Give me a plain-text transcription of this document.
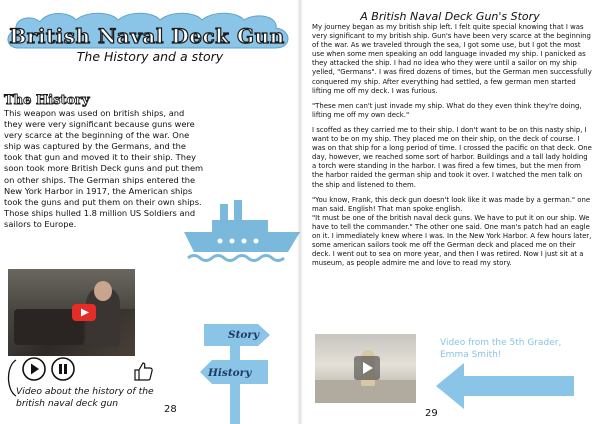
British Naval Deck Gun
The History and a story
The History
This weapon was used on british ships, and they were very significant because guns were very scarce at the beginning of the war. One ship was captured by the Germans, and the took that gun and moved it to their ship. They soon took more British Deck guns and put them on other ships. The German ships entered the New York Harbor in 1917, the American ships took the guns and put them on their own ships. Those ships hulled 1.8 million US Soldiers and sailors to Europe.
Video about the history of the british naval deck gun
28
Story
History
A British Naval Deck Gun's Story

My journey began as my british ship left. I felt quite special knowing that I was very significant to my british ship. Gun's have been very scarce at the beginning of the war. As we traveled through the sea, I got some use, but I got the most use when some men speaking an odd language invaded my ship. I panicked as they attacked the ship. I had no idea who they were until a sailor on my ship yelled, "Germans". I was fired dozens of times, but the German men successfully conquered my ship. After everything had settled, a few german men started lifting me off my deck. I was furious.

"These men can't just invade my ship. What do they even think they're doing, lifting me off my own deck."

I scoffed as they carried me to their ship. I don't want to be on this nasty ship, I want to be on my ship. They placed me on their ship, on the deck of course. I was on that ship for a long period of time. I crossed the pacific on that deck. One day, however, we reached some sort of harbor. Buildings and a tall lady holding a torch were standing in the harbor. I was fired a few times, but the men from the harbor raided the german ship and took it over. I watched the men talk on the ship and listened to them.

"You know, Frank, this deck gun doesn't look like it was made by a german." one man said. English! That man spoke english.
"It must be one of the british naval deck guns. We have to put it on our ship. We have to tell the commander." The other one said. One man's patch had an eagle on it. I immediately knew where I was. In the New York Harbor. A few hours later, some american sailors took me off the German deck and placed me on their deck. I went out to sea on more year, and then I was retired. Now I just sit at a museum, as people admire me and love to read my story.

Video from the 5th Grader, Emma Smith!
29
